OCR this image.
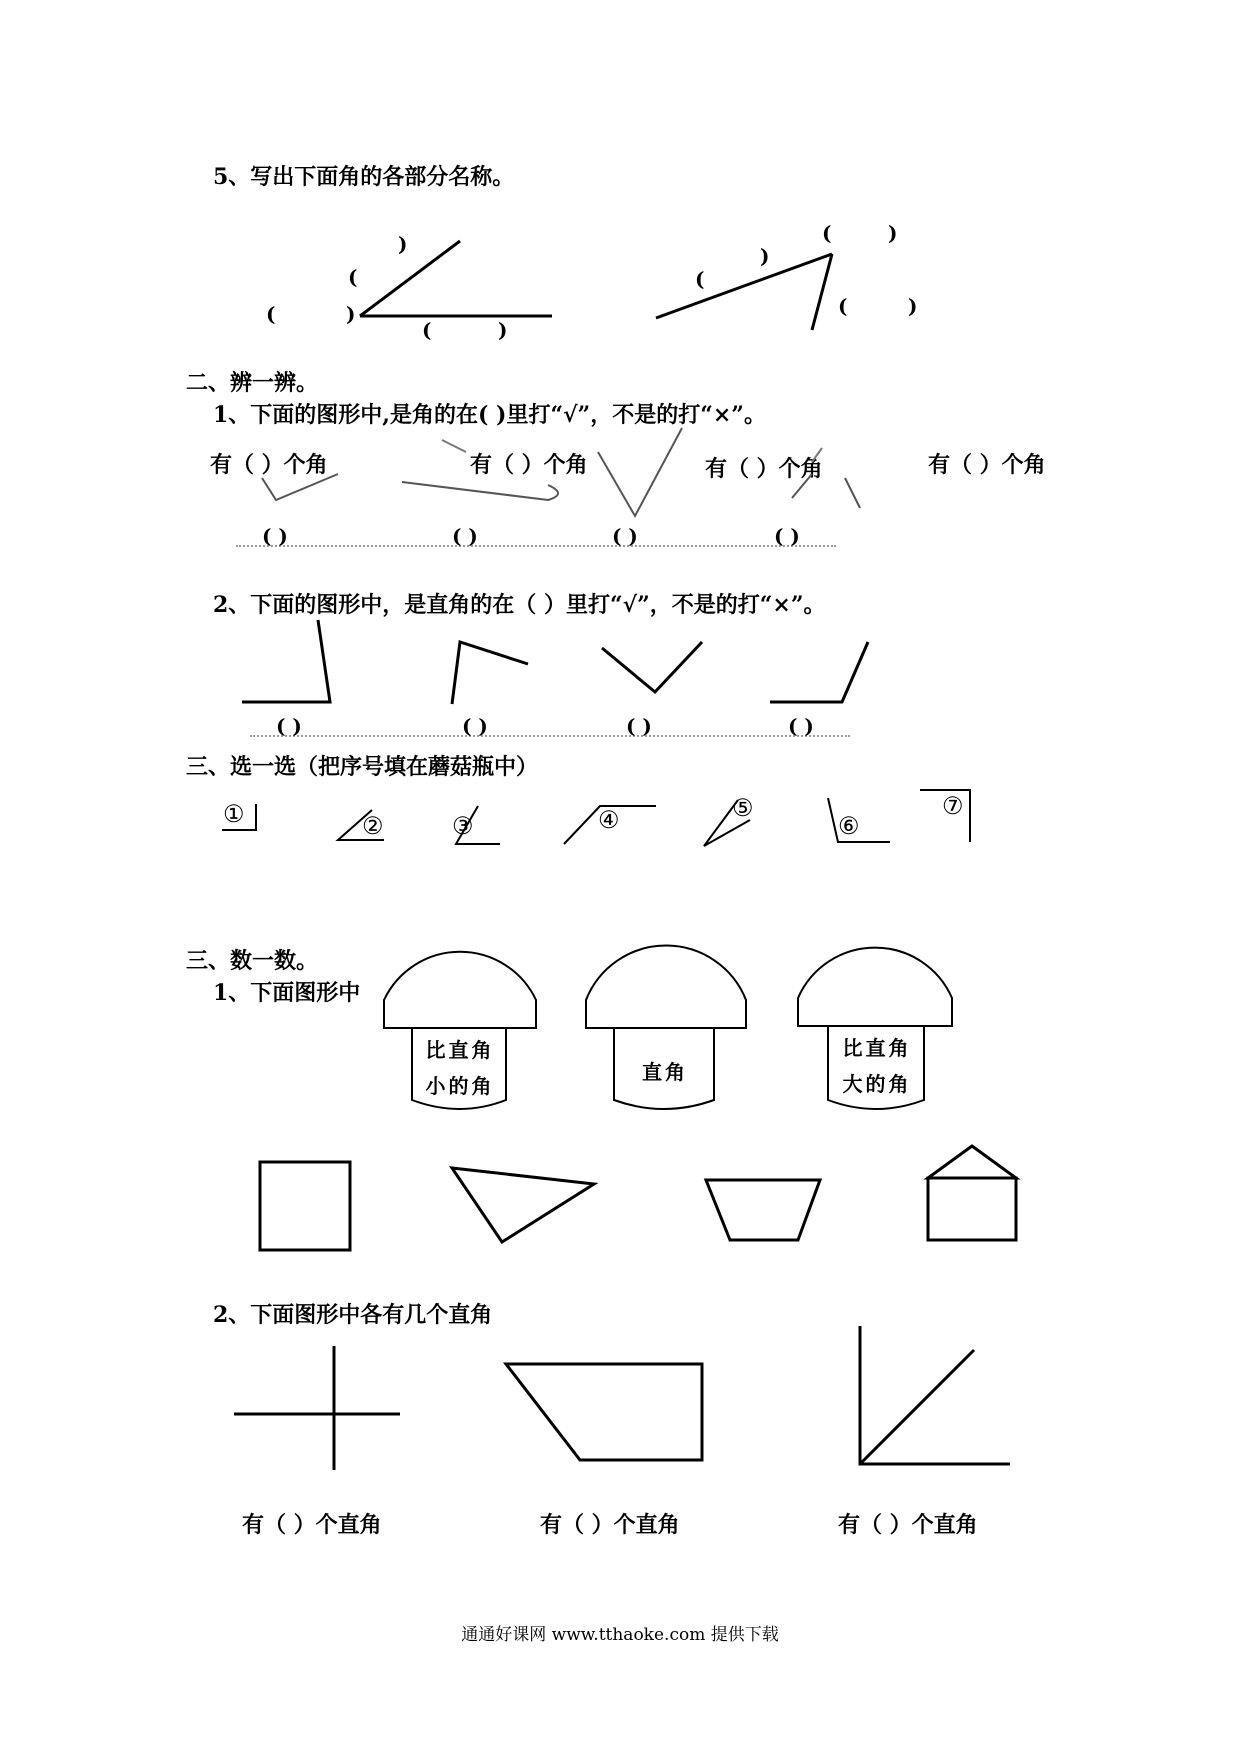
5、写出下面角的各部分名称。
)
(
(	)
(	)
(	)
(
)
(	)
二、辨一辨。
1、下面的图形中,是角的在( )里打“√”，不是的打“×”。
有（ ）个角	有（ ）个角	有（ ）个角	有（ ）个角
( )	( )	( )	( )
2、下面的图形中，是直角的在（ ）里打“√”，不是的打“×”。
( )	( )	( )	( )
三、选一选（把序号填在蘑菇瓶中）
①	②	③	④	⑤
⑥
⑦
三、数一数。
1、下面图形中
比直角
小的角
直角
比直角
大的角
2、下面图形中各有几个直角
有（ ）个直角	有（ ）个直角	有（ ）个直角
通通好课网 www.tthaoke.com 提供下载
